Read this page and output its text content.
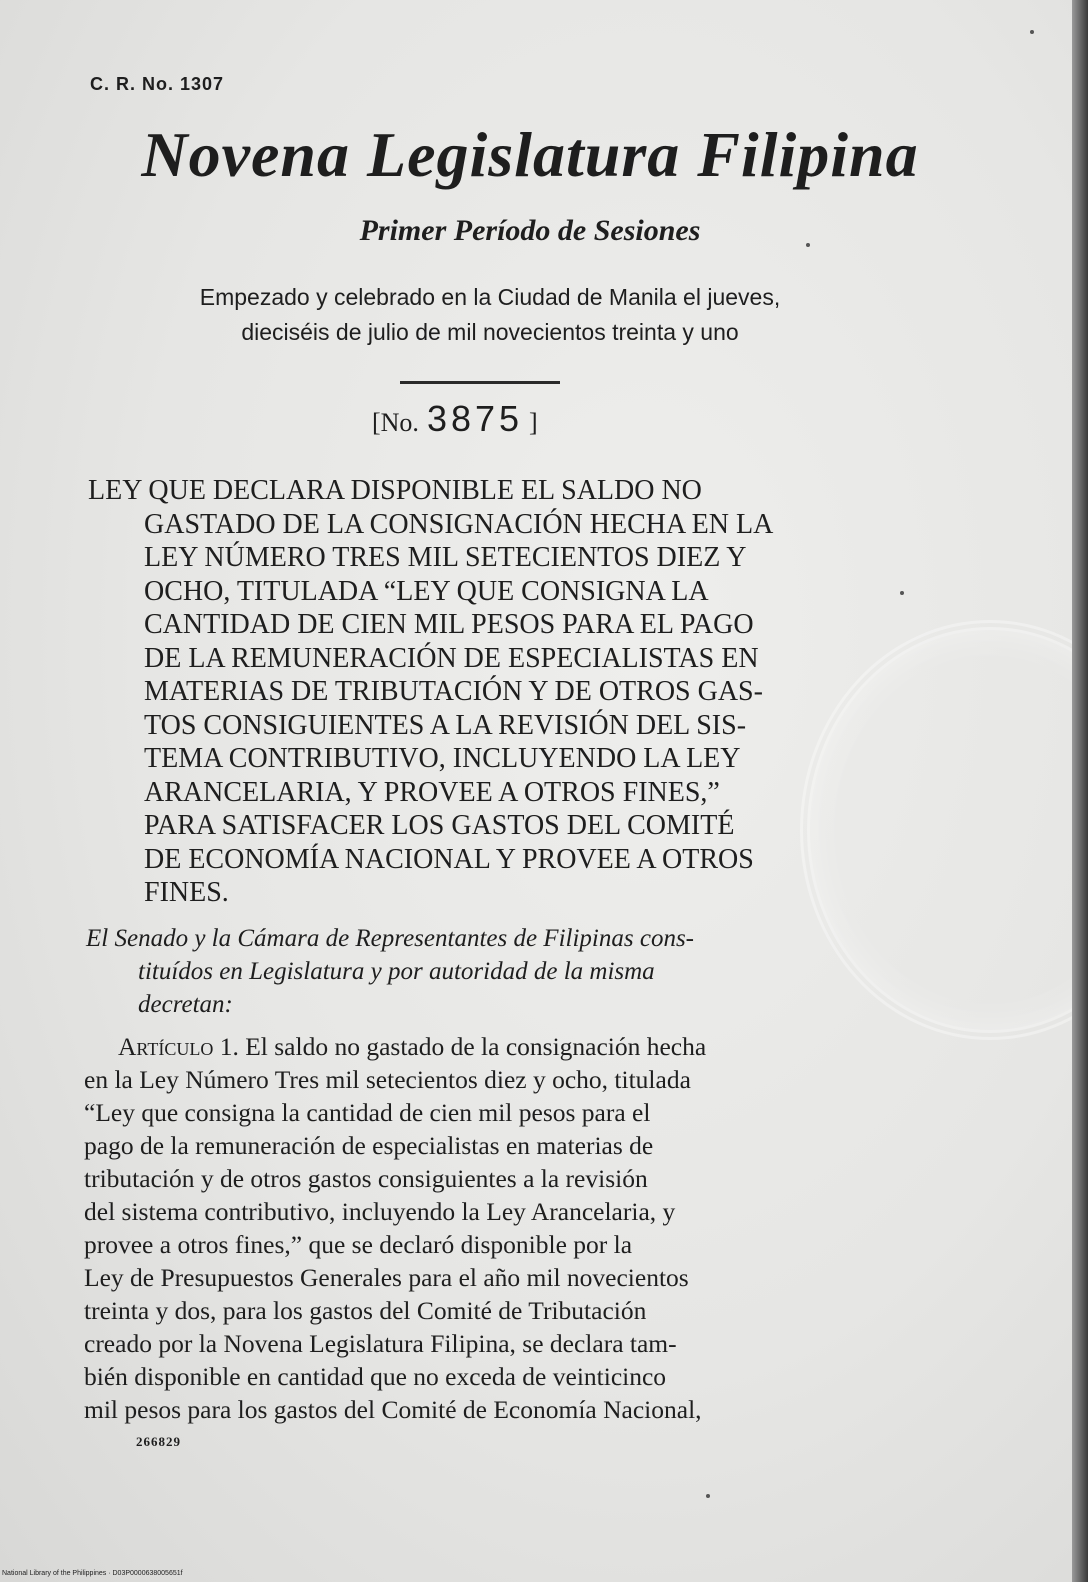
C. R. No. 1307
Novena Legislatura Filipina
Primer Período de Sesiones
Empezado y celebrado en la Ciudad de Manila el jueves,
dieciséis de julio de mil novecientos treinta y uno
[No. 3875 ]
LEY QUE DECLARA DISPONIBLE EL SALDO NO
GASTADO DE LA CONSIGNACIÓN HECHA EN LA
LEY NÚMERO TRES MIL SETECIENTOS DIEZ Y
OCHO, TITULADA “LEY QUE CONSIGNA LA
CANTIDAD DE CIEN MIL PESOS PARA EL PAGO
DE LA REMUNERACIÓN DE ESPECIALISTAS EN
MATERIAS DE TRIBUTACIÓN Y DE OTROS GAS-
TOS CONSIGUIENTES A LA REVISIÓN DEL SIS-
TEMA CONTRIBUTIVO, INCLUYENDO LA LEY
ARANCELARIA, Y PROVEE A OTROS FINES,”
PARA SATISFACER LOS GASTOS DEL COMITÉ
DE ECONOMÍA NACIONAL Y PROVEE A OTROS
FINES.
El Senado y la Cámara de Representantes de Filipinas cons-
tituídos en Legislatura y por autoridad de la misma
decretan:
Artículo 1. El saldo no gastado de la consignación hecha
en la Ley Número Tres mil setecientos diez y ocho, titulada
“Ley que consigna la cantidad de cien mil pesos para el
pago de la remuneración de especialistas en materias de
tributación y de otros gastos consiguientes a la revisión
del sistema contributivo, incluyendo la Ley Arancelaria, y
provee a otros fines,” que se declaró disponible por la
Ley de Presupuestos Generales para el año mil novecientos
treinta y dos, para los gastos del Comité de Tributación
creado por la Novena Legislatura Filipina, se declara tam-
bién disponible en cantidad que no exceda de veinticinco
mil pesos para los gastos del Comité de Economía Nacional,
266829
National Library of the Philippines · D03P0000638005651f
